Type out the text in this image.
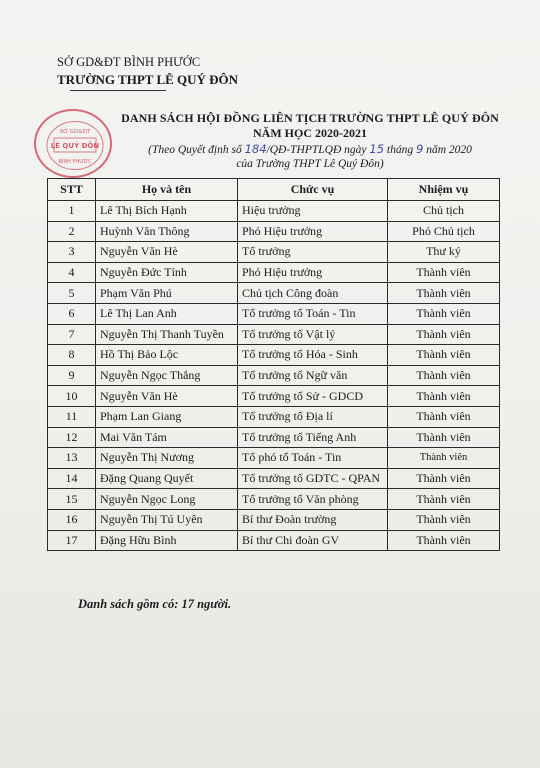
SỞ GD&ĐT BÌNH PHƯỚC
TRƯỜNG THPT LÊ QUÝ ĐÔN
SỞ GD&ĐT
LÊ QUÝ ĐÔN
BÌNH PHƯỚC
DANH SÁCH HỘI ĐỒNG LIÊN TỊCH TRƯỜNG THPT LÊ QUÝ ĐÔN
NĂM HỌC 2020-2021
(Theo Quyết định số 184/QĐ-THPTLQĐ ngày 15 tháng 9 năm 2020
của Trường THPT Lê Quý Đôn)
STT	Họ và tên	Chức vụ	Nhiệm vụ
1	Lê Thị Bích Hạnh	Hiệu trưởng	Chủ tịch
2	Huỳnh Văn Thông	Phó Hiệu trưởng	Phó Chủ tịch
3	Nguyễn Văn Hè	Tổ trưởng	Thư ký
4	Nguyễn Đức Tính	Phó Hiệu trưởng	Thành viên
5	Phạm Văn Phú	Chủ tịch Công đoàn	Thành viên
6	Lê Thị Lan Anh	Tổ trưởng tổ Toán - Tin	Thành viên
7	Nguyễn Thị Thanh Tuyền	Tổ trưởng tổ Vật lý	Thành viên
8	Hồ Thị Bảo Lộc	Tổ trưởng tổ Hóa - Sinh	Thành viên
9	Nguyễn Ngọc Thắng	Tổ trưởng tổ Ngữ văn	Thành viên
10	Nguyễn Văn Hè	Tổ trưởng tổ Sử - GDCD	Thành viên
11	Phạm Lan Giang	Tổ trưởng tổ Địa lí	Thành viên
12	Mai Văn Tám	Tổ trưởng tổ Tiếng Anh	Thành viên
13	Nguyễn Thị Nương	Tổ phó tổ Toán - Tin	Thành viên
14	Đặng Quang Quyết	Tổ trưởng tổ GDTC - QPAN	Thành viên
15	Nguyễn Ngọc Long	Tổ trưởng tổ Văn phòng	Thành viên
16	Nguyễn Thị Tú Uyên	Bí thư Đoàn trường	Thành viên
17	Đặng Hữu Bình	Bí thư Chi đoàn GV	Thành viên
Danh sách gồm có: 17 người.
